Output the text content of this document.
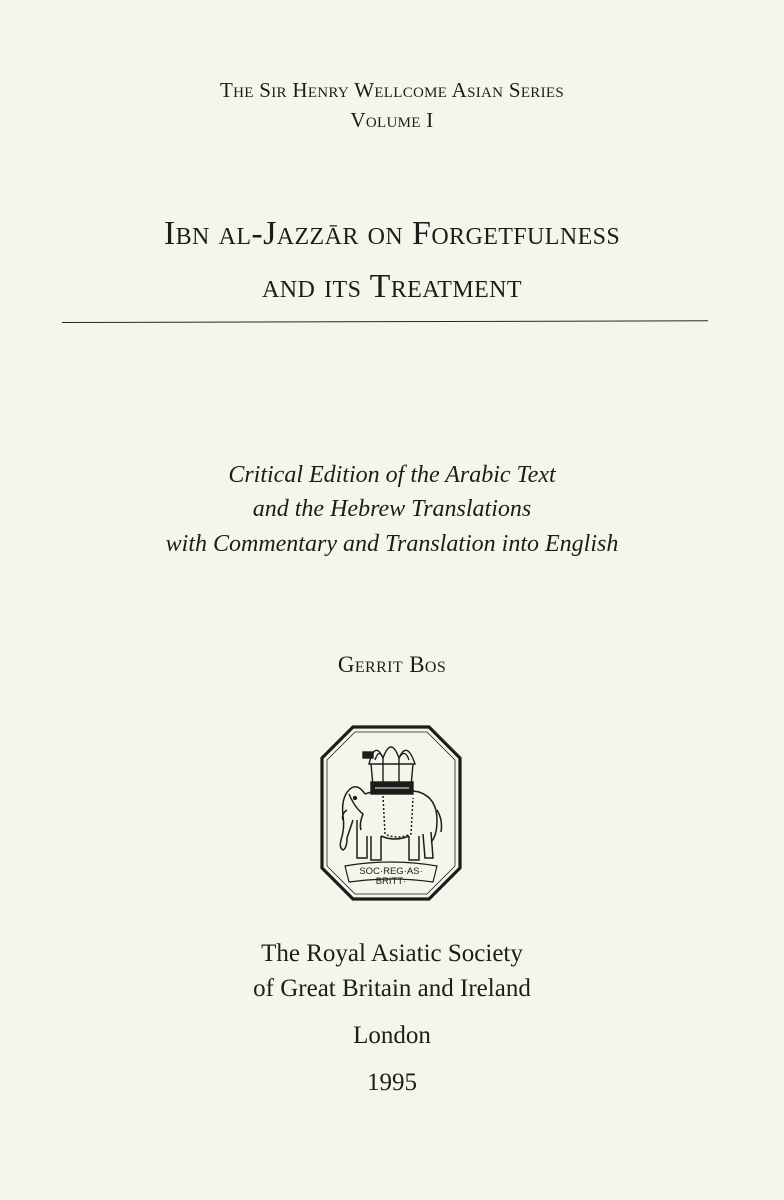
The Sir Henry Wellcome Asian Series
Volume I
Ibn al-Jazzār on Forgetfulness
and its Treatment
Critical Edition of the Arabic Text
and the Hebrew Translations
with Commentary and Translation into English
Gerrit Bos
SOC·REG·AS·
BRITT·
The Royal Asiatic Society
of Great Britain and Ireland
London
1995
